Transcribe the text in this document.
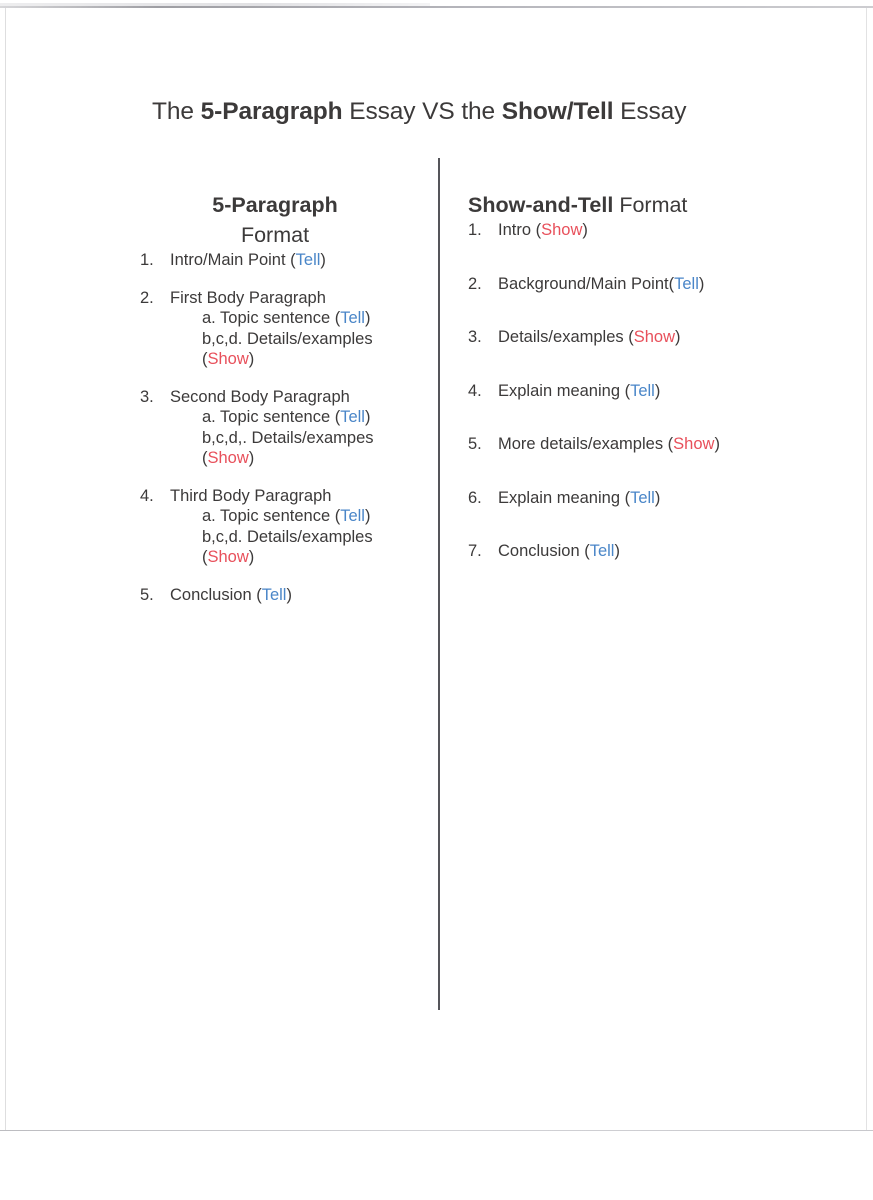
The 5-Paragraph Essay VS the Show/Tell Essay
5-Paragraph
Format
1. Intro/Main Point (Tell)
2. First Body Paragraph
a. Topic sentence (Tell)
b,c,d. Details/examples
(Show)
3. Second Body Paragraph
a. Topic sentence (Tell)
b,c,d,. Details/exampes
(Show)
4. Third Body Paragraph
a. Topic sentence (Tell)
b,c,d. Details/examples
(Show)
5. Conclusion (Tell)
Show-and-Tell Format
1. Intro (Show)
2. Background/Main Point(Tell)
3. Details/examples (Show)
4. Explain meaning (Tell)
5. More details/examples (Show)
6. Explain meaning (Tell)
7. Conclusion (Tell)
